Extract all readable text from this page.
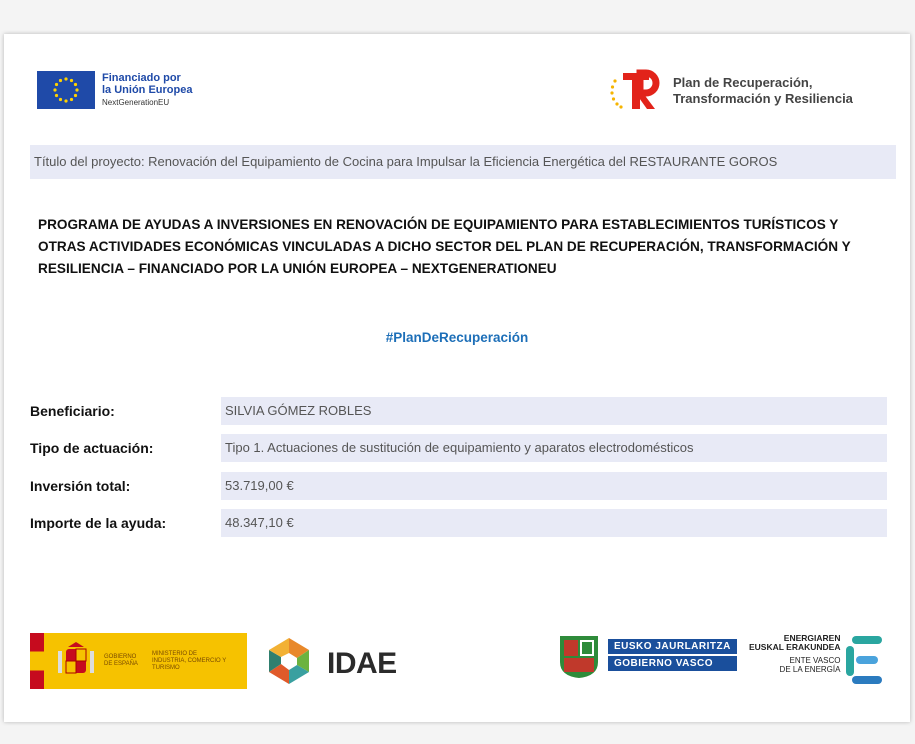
Financiado por
la Unión Europea
NextGenerationEU
Plan de Recuperación,
Transformación y Resiliencia
Título del proyecto: Renovación del Equipamiento de Cocina para Impulsar la Eficiencia Energética del RESTAURANTE GOROS
PROGRAMA DE AYUDAS A INVERSIONES EN RENOVACIÓN DE EQUIPAMIENTO PARA ESTABLECIMIENTOS TURÍSTICOS Y OTRAS ACTIVIDADES ECONÓMICAS VINCULADAS A DICHO SECTOR DEL PLAN DE RECUPERACIÓN, TRANSFORMACIÓN Y RESILIENCIA – FINANCIADO POR LA UNIÓN EUROPEA – NEXTGENERATIONEU
#PlanDeRecuperación
Beneficiario:	SILVIA GÓMEZ ROBLES
Tipo de actuación:	Tipo 1. Actuaciones de sustitución de equipamiento y aparatos electrodomésticos
Inversión total:	53.719,00 €
Importe de la ayuda:	48.347,10 €
GOBIERNO DE ESPAÑA
MINISTERIO DE INDUSTRIA, COMERCIO Y TURISMO	IDAE	EUSKO JAURLARITZA
GOBIERNO VASCO
ENERGIAREN
EUSKAL ERAKUNDEA
ENTE VASCO
DE LA ENERGÍA
